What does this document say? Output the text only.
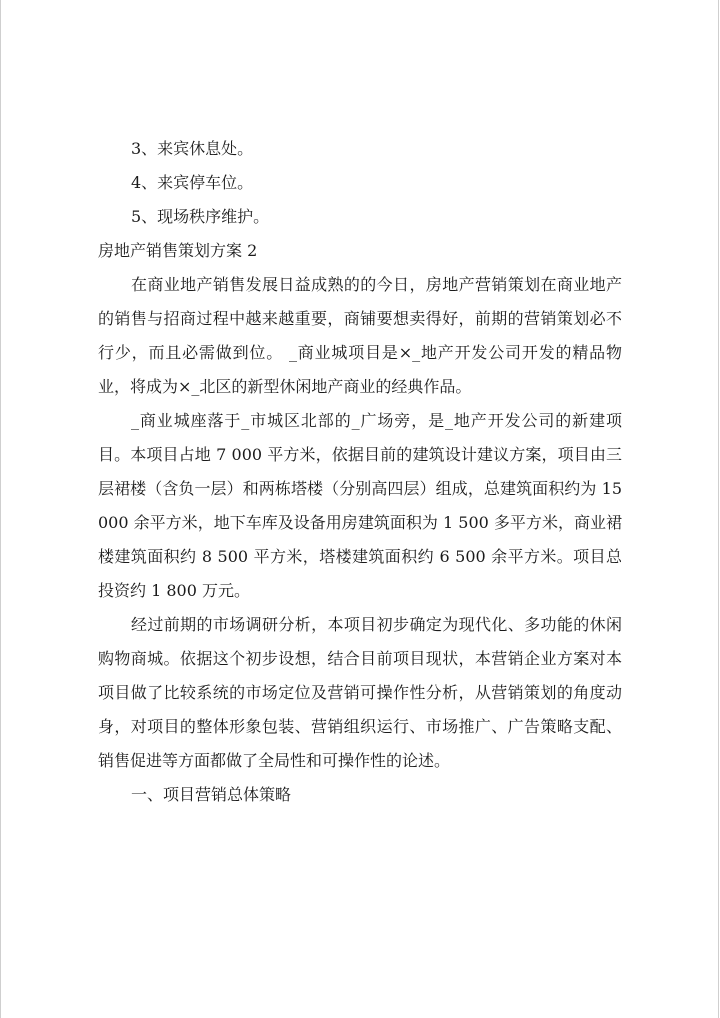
3、来宾休息处。

4、来宾停车位。

5、现场秩序维护。

房地产销售策划方案 2

在商业地产销售发展日益成熟的的今日，房地产营销策划在商业地产的销售与招商过程中越来越重要，商铺要想卖得好，前期的营销策划必不行少，而且必需做到位。 _商业城项目是×_地产开发公司开发的精品物业，将成为×_北区的新型休闲地产商业的经典作品。

_商业城座落于_市城区北部的_广场旁，是_地产开发公司的新建项目。本项目占地 7 000 平方米，依据目前的建筑设计建议方案，项目由三层裙楼（含负一层）和两栋塔楼（分别高四层）组成，总建筑面积约为 15 000 余平方米，地下车库及设备用房建筑面积为 1 500 多平方米，商业裙楼建筑面积约 8 500 平方米，塔楼建筑面积约 6 500 余平方米。项目总投资约 1 800 万元。

经过前期的市场调研分析，本项目初步确定为现代化、多功能的休闲购物商城。依据这个初步设想，结合目前项目现状，本营销企业方案对本项目做了比较系统的市场定位及营销可操作性分析，从营销策划的角度动身，对项目的整体形象包装、营销组织运行、市场推广、广告策略支配、销售促进等方面都做了全局性和可操作性的论述。

一、项目营销总体策略
